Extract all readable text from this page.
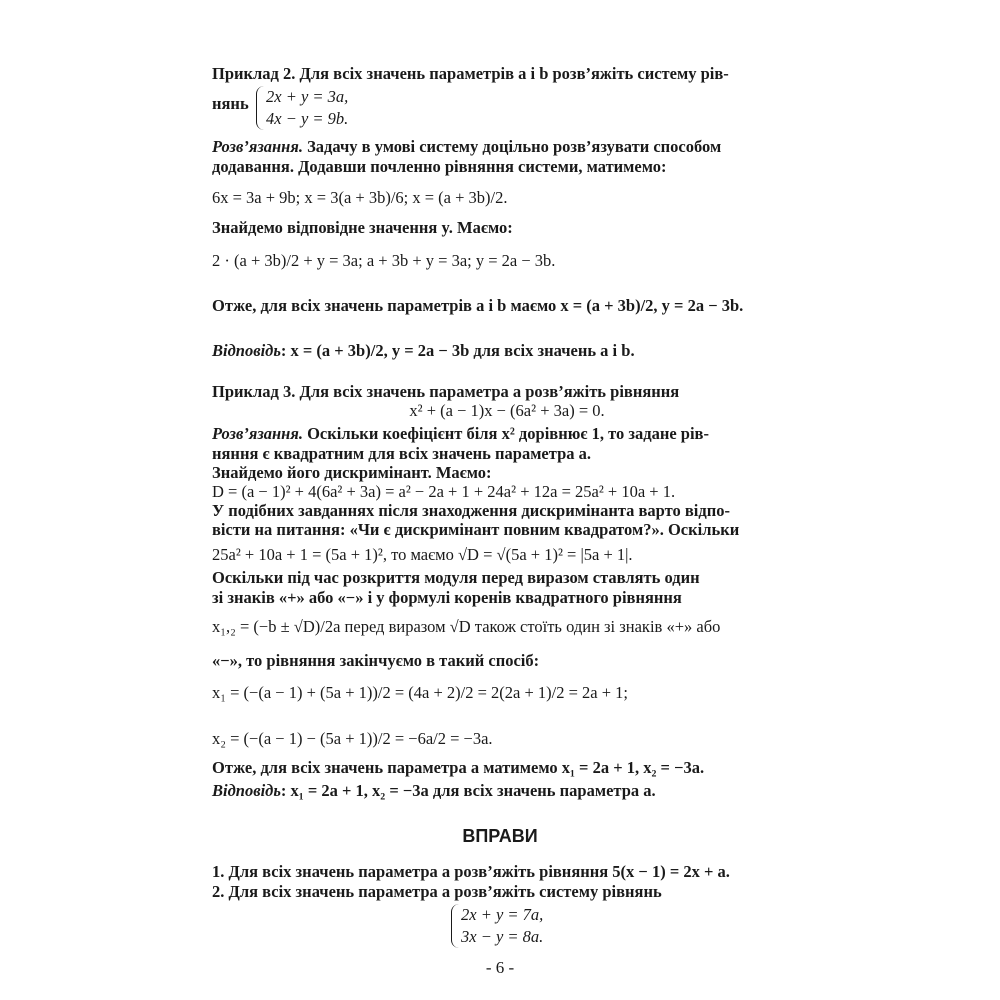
Приклад 2. Для всіх значень параметрів a і b розв’яжіть систему рів-
нянь 2x + y = 3a,
4x − y = 9b.
Розв’язання. Задачу в умові систему доцільно розв’язувати способом
додавання. Додавши почленно рівняння системи, матимемо:
6x = 3a + 9b; x = 3(a + 3b)/6; x = (a + 3b)/2.
Знайдемо відповідне значення y. Маємо:
2 · (a + 3b)/2 + y = 3a; a + 3b + y = 3a; y = 2a − 3b.
Отже, для всіх значень параметрів a і b маємо x = (a + 3b)/2, y = 2a − 3b.
Відповідь: x = (a + 3b)/2, y = 2a − 3b для всіх значень a і b.
Приклад 3. Для всіх значень параметра a розв’яжіть рівняння
x² + (a − 1)x − (6a² + 3a) = 0.
Розв’язання. Оскільки коефіцієнт біля x² дорівнює 1, то задане рів-
няння є квадратним для всіх значень параметра a.
Знайдемо його дискримінант. Маємо:
D = (a − 1)² + 4(6a² + 3a) = a² − 2a + 1 + 24a² + 12a = 25a² + 10a + 1.
У подібних завданнях після знаходження дискримінанта варто відпо-
вісти на питання: «Чи є дискримінант повним квадратом?». Оскільки
25a² + 10a + 1 = (5a + 1)², то маємо √D = √(5a + 1)² = |5a + 1|.
Оскільки під час розкриття модуля перед виразом ставлять один
зі знаків «+» або «−» і у формулі коренів квадратного рівняння
x₁,₂ = (−b ± √D)/2a перед виразом √D також стоїть один зі знаків «+» або
«−», то рівняння закінчуємо в такий спосіб:
x₁ = (−(a − 1) + (5a + 1))/2 = (4a + 2)/2 = 2(2a + 1)/2 = 2a + 1;
x₂ = (−(a − 1) − (5a + 1))/2 = −6a/2 = −3a.
Отже, для всіх значень параметра a матимемо x₁ = 2a + 1, x₂ = −3a.
Відповідь: x₁ = 2a + 1, x₂ = −3a для всіх значень параметра a.
ВПРАВИ
1. Для всіх значень параметра a розв’яжіть рівняння 5(x − 1) = 2x + a.
2. Для всіх значень параметра a розв’яжіть систему рівнянь
2x + y = 7a,
3x − y = 8a.
- 6 -
